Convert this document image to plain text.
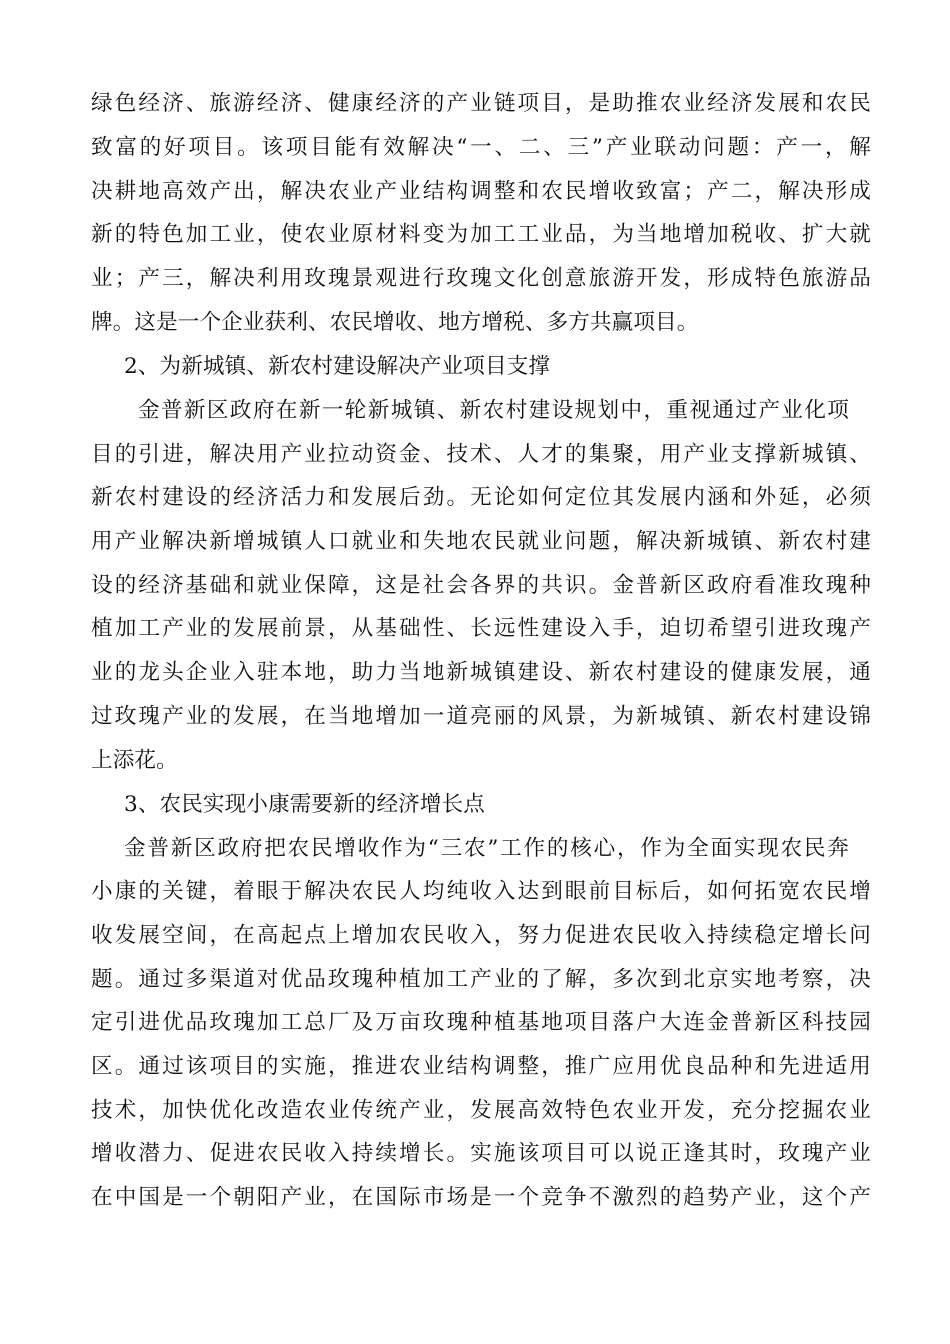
绿色经济、旅游经济、健康经济的产业链项目，是助推农业经济发展和农民
致富的好项目。该项目能有效解决“一、二、三”产业联动问题：产一，解
决耕地高效产出，解决农业产业结构调整和农民增收致富；产二，解决形成
新的特色加工业，使农业原材料变为加工工业品，为当地增加税收、扩大就
业；产三，解决利用玫瑰景观进行玫瑰文化创意旅游开发，形成特色旅游品
牌。这是一个企业获利、农民增收、地方增税、多方共赢项目。
2、为新城镇、新农村建设解决产业项目支撑
金普新区政府在新一轮新城镇、新农村建设规划中，重视通过产业化项
目的引进，解决用产业拉动资金、技术、人才的集聚，用产业支撑新城镇、
新农村建设的经济活力和发展后劲。无论如何定位其发展内涵和外延，必须
用产业解决新增城镇人口就业和失地农民就业问题，解决新城镇、新农村建
设的经济基础和就业保障，这是社会各界的共识。金普新区政府看准玫瑰种
植加工产业的发展前景，从基础性、长远性建设入手，迫切希望引进玫瑰产
业的龙头企业入驻本地，助力当地新城镇建设、新农村建设的健康发展，通
过玫瑰产业的发展，在当地增加一道亮丽的风景，为新城镇、新农村建设锦
上添花。
3、农民实现小康需要新的经济增长点
金普新区政府把农民增收作为“三农”工作的核心，作为全面实现农民奔
小康的关键，着眼于解决农民人均纯收入达到眼前目标后，如何拓宽农民增
收发展空间，在高起点上增加农民收入，努力促进农民收入持续稳定增长问
题。通过多渠道对优品玫瑰种植加工产业的了解，多次到北京实地考察，决
定引进优品玫瑰加工总厂及万亩玫瑰种植基地项目落户大连金普新区科技园
区。通过该项目的实施，推进农业结构调整，推广应用优良品种和先进适用
技术，加快优化改造农业传统产业，发展高效特色农业开发，充分挖掘农业
增收潜力、促进农民收入持续增长。实施该项目可以说正逢其时，玫瑰产业
在中国是一个朝阳产业，在国际市场是一个竞争不激烈的趋势产业，这个产
